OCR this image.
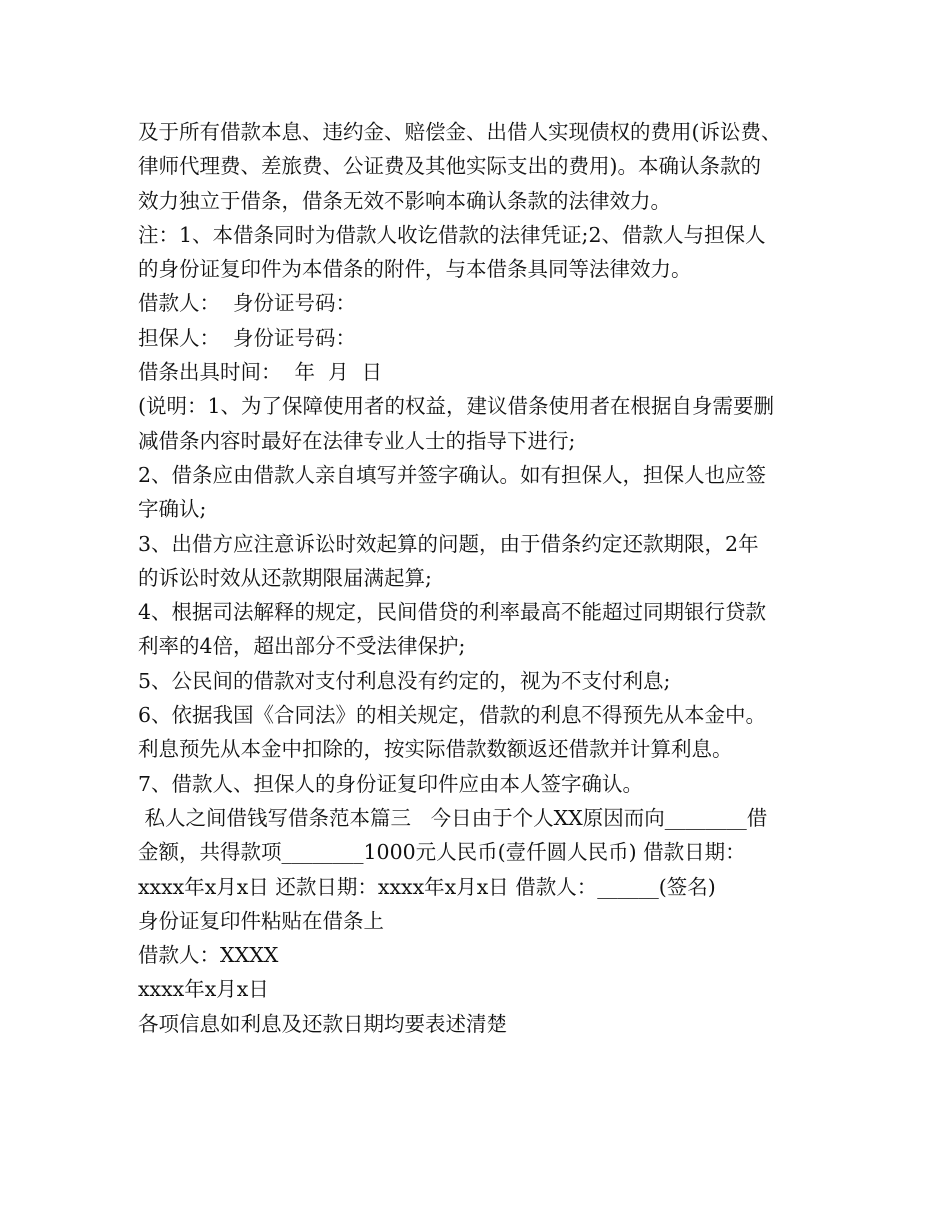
及于所有借款本息、违约金、赔偿金、出借人实现债权的费用(诉讼费、
律师代理费、差旅费、公证费及其他实际支出的费用)。本确认条款的
效力独立于借条，借条无效不影响本确认条款的法律效力。
注：1、本借条同时为借款人收讫借款的法律凭证;2、借款人与担保人
的身份证复印件为本借条的附件，与本借条具同等法律效力。
借款人：  身份证号码：
担保人：  身份证号码：
借条出具时间：  年  月  日
(说明：1、为了保障使用者的权益，建议借条使用者在根据自身需要删
减借条内容时最好在法律专业人士的指导下进行;
2、借条应由借款人亲自填写并签字确认。如有担保人，担保人也应签
字确认;
3、出借方应注意诉讼时效起算的问题，由于借条约定还款期限，2年
的诉讼时效从还款期限届满起算;
4、根据司法解释的规定，民间借贷的利率最高不能超过同期银行贷款
利率的4倍，超出部分不受法律保护;
5、公民间的借款对支付利息没有约定的，视为不支付利息;
6、依据我国《合同法》的相关规定，借款的利息不得预先从本金中。
利息预先从本金中扣除的，按实际借款数额返还借款并计算利息。
7、借款人、担保人的身份证复印件应由本人签字确认。
私人之间借钱写借条范本篇三   今日由于个人XX原因而向________借
金额，共得款项________1000元人民币(壹仟圆人民币) 借款日期：
xxxx年x月x日 还款日期：xxxx年x月x日 借款人：______(签名)
身份证复印件粘贴在借条上
借款人：XXXX
xxxx年x月x日
各项信息如利息及还款日期均要表述清楚
